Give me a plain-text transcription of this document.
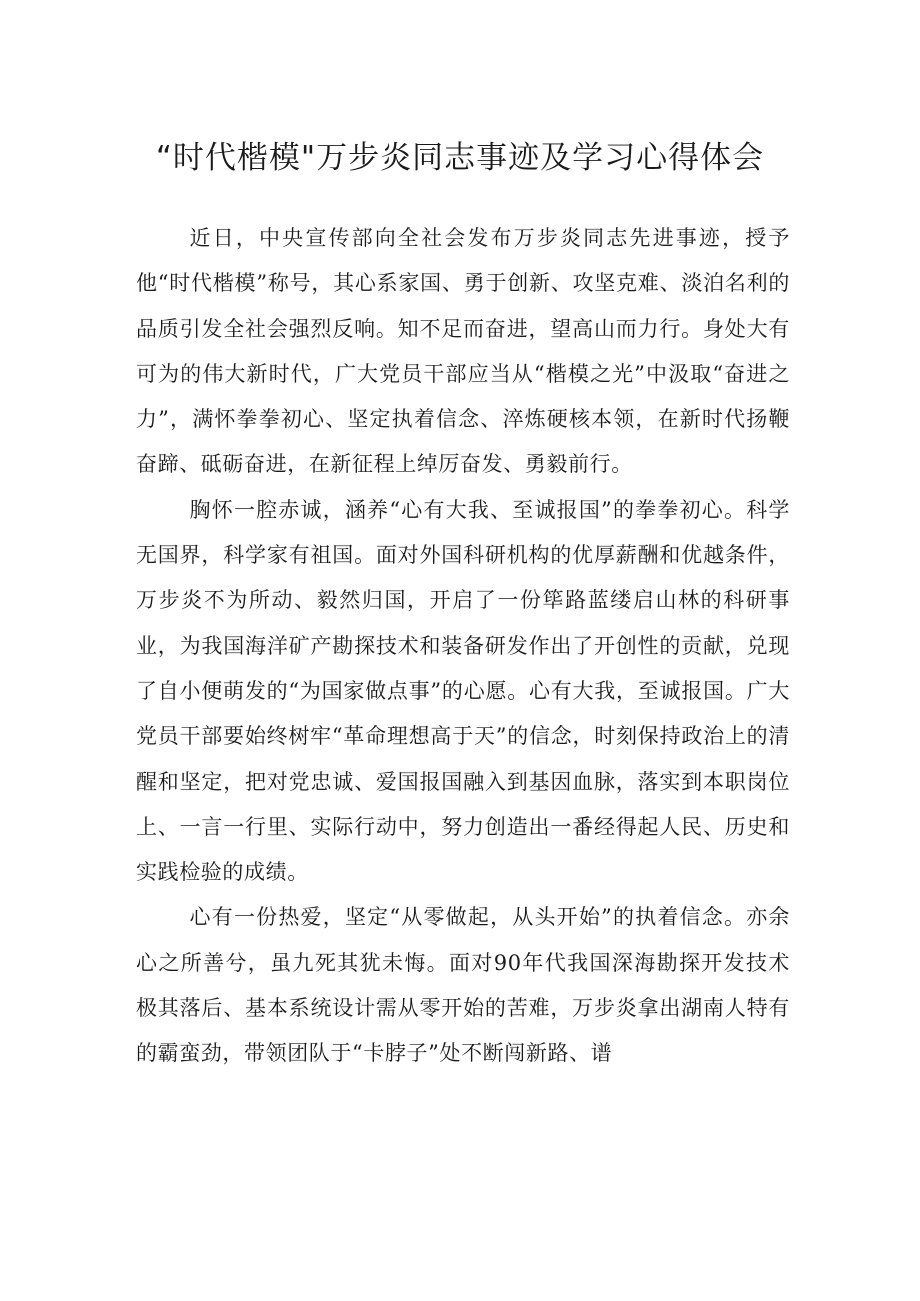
“时代楷模"万步炎同志事迹及学习心得体会

近日，中央宣传部向全社会发布万步炎同志先进事迹，授予他“时代楷模”称号，其心系家国、勇于创新、攻坚克难、淡泊名利的品质引发全社会强烈反响。知不足而奋进，望高山而力行。身处大有可为的伟大新时代，广大党员干部应当从“楷模之光”中汲取“奋进之力”，满怀拳拳初心、坚定执着信念、淬炼硬核本领，在新时代扬鞭奋蹄、砥砺奋进，在新征程上绰厉奋发、勇毅前行。

胸怀一腔赤诚，涵养“心有大我、至诚报国”的拳拳初心。科学无国界，科学家有祖国。面对外国科研机构的优厚薪酬和优越条件，万步炎不为所动、毅然归国，开启了一份筚路蓝缕启山林的科研事业，为我国海洋矿产勘探技术和装备研发作出了开创性的贡献，兑现了自小便萌发的“为国家做点事”的心愿。心有大我，至诚报国。广大党员干部要始终树牢“革命理想高于天”的信念，时刻保持政治上的清醒和坚定，把对党忠诚、爱国报国融入到基因血脉，落实到本职岗位上、一言一行里、实际行动中，努力创造出一番经得起人民、历史和实践检验的成绩。

心有一份热爱，坚定“从零做起，从头开始”的执着信念。亦余心之所善兮，虽九死其犹未悔。面对90年代我国深海勘探开发技术极其落后、基本系统设计需从零开始的苦难，万步炎拿出湖南人特有的霸蛮劲，带领团队于“卡脖子”处不断闯新路、谱
